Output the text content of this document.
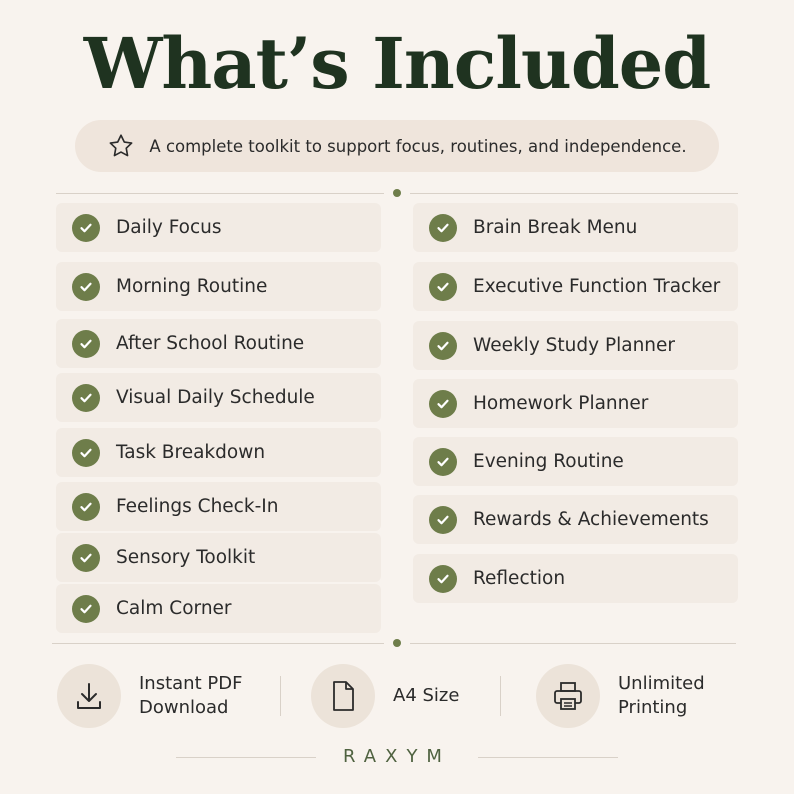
What’s Included
A complete toolkit to support focus, routines, and independence.
Daily Focus
Morning Routine
After School Routine
Visual Daily Schedule
Task Breakdown
Feelings Check-In
Sensory Toolkit
Calm Corner
Brain Break Menu
Executive Function Tracker
Weekly Study Planner
Homework Planner
Evening Routine
Rewards & Achievements
Reflection
Instant PDF
Download
A4 Size
Unlimited
Printing
RAXYM
